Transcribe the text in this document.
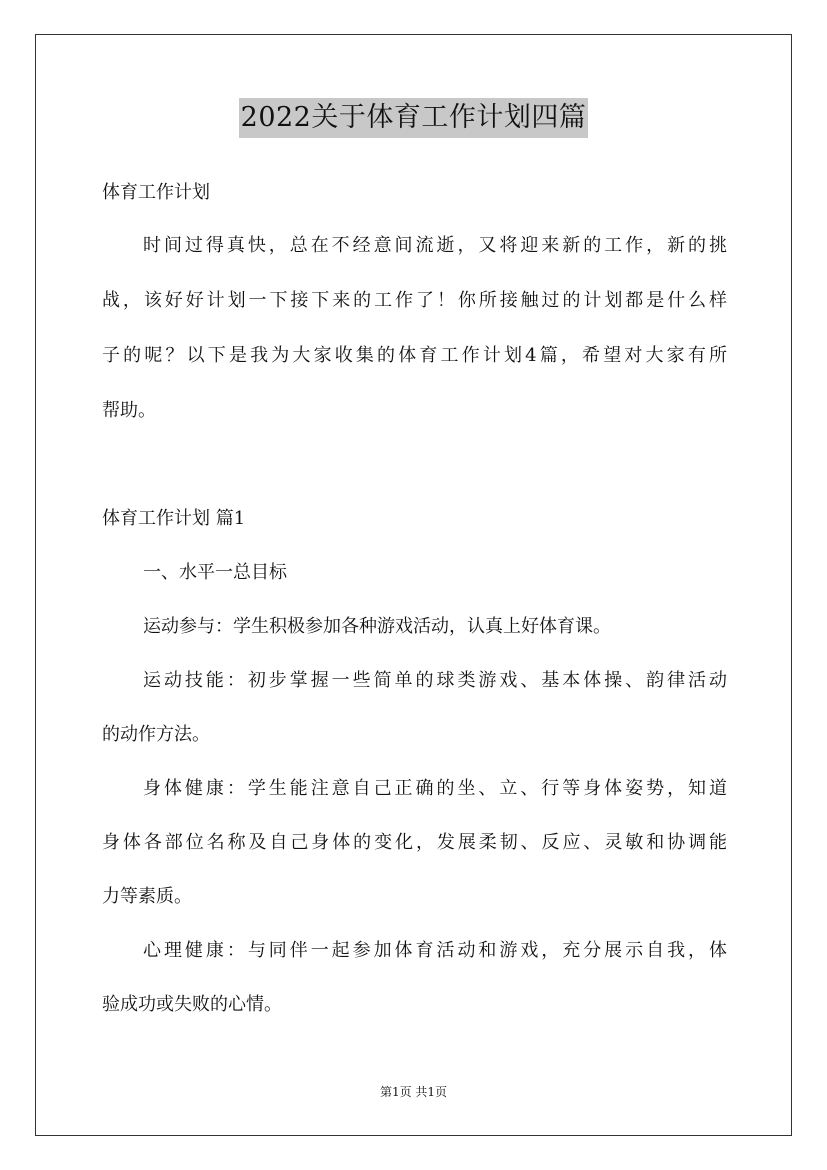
2022关于体育工作计划四篇
体育工作计划
时间过得真快，总在不经意间流逝，又将迎来新的工作，新的挑
战，该好好计划一下接下来的工作了！你所接触过的计划都是什么样
子的呢？以下是我为大家收集的体育工作计划4篇，希望对大家有所
帮助。
体育工作计划 篇1
一、水平一总目标
运动参与：学生积极参加各种游戏活动，认真上好体育课。
运动技能：初步掌握一些简单的球类游戏、基本体操、韵律活动
的动作方法。
身体健康：学生能注意自己正确的坐、立、行等身体姿势，知道
身体各部位名称及自己身体的变化，发展柔韧、反应、灵敏和协调能
力等素质。
心理健康：与同伴一起参加体育活动和游戏，充分展示自我，体
验成功或失败的心情。
第1页 共1页
